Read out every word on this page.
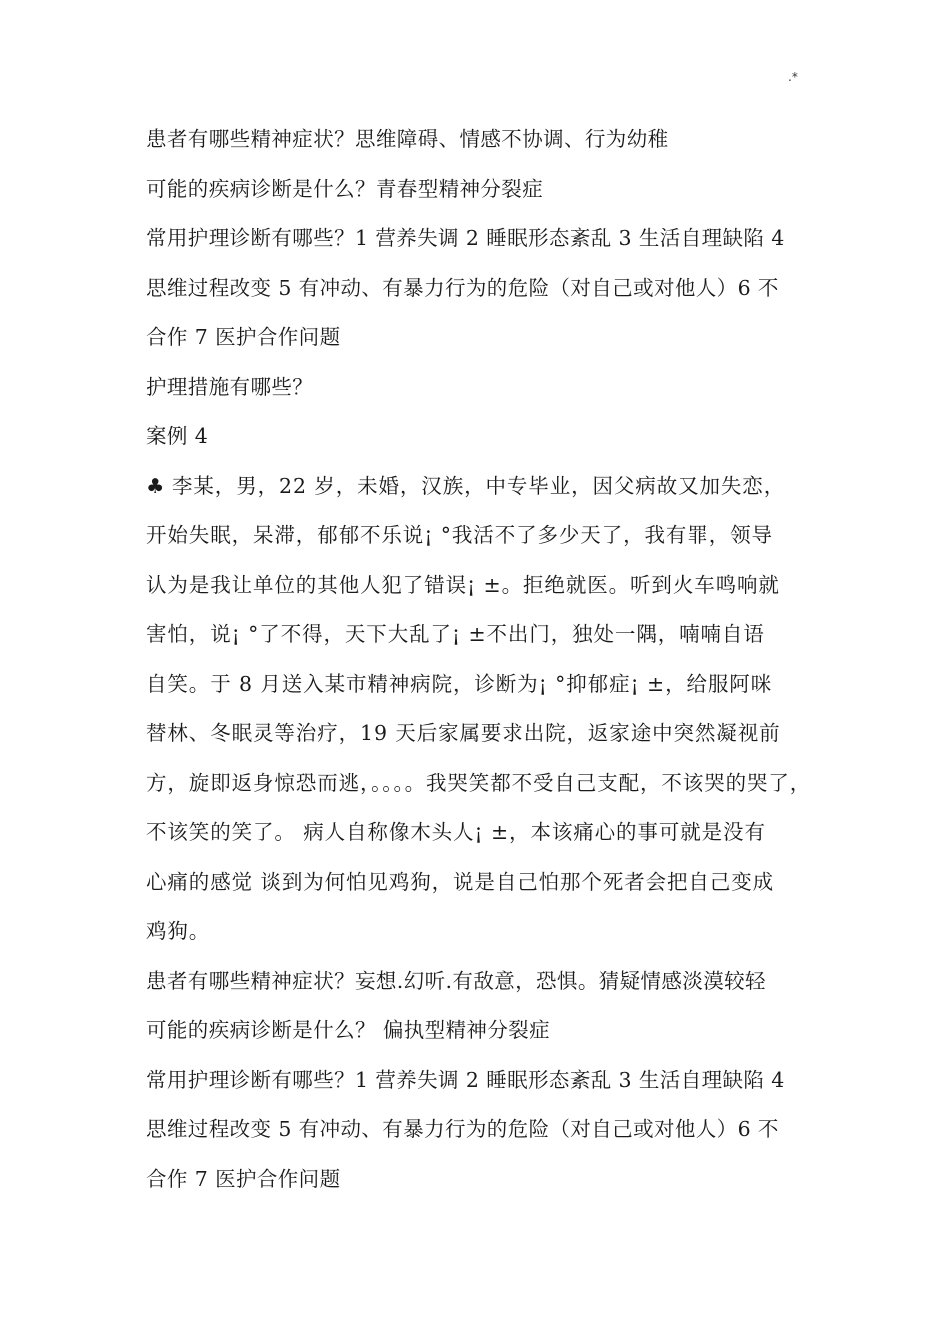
.*
患者有哪些精神症状？思维障碍、情感不协调、行为幼稚
可能的疾病诊断是什么？青春型精神分裂症
常用护理诊断有哪些？1 营养失调 2 睡眠形态紊乱 3 生活自理缺陷 4
思维过程改变 5 有冲动、有暴力行为的危险（对自己或对他人）6 不
合作 7 医护合作问题
护理措施有哪些？
案例 4
♣ 李某，男，22 岁，未婚，汉族，中专毕业，因父病故又加失恋，
开始失眠，呆滞，郁郁不乐说¡ °我活不了多少天了，我有罪，领导
认为是我让单位的其他人犯了错误¡ ±。拒绝就医。听到火车鸣响就
害怕，说¡ °了不得，天下大乱了¡ ±不出门，独处一隅，喃喃自语
自笑。于 8 月送入某市精神病院，诊断为¡ °抑郁症¡ ±，给服阿咪
替林、冬眠灵等治疗，19 天后家属要求出院，返家途中突然凝视前
方，旋即返身惊恐而逃，。。。。我哭笑都不受自己支配，不该哭的哭了，
不该笑的笑了。 病人自称像木头人¡ ±，本该痛心的事可就是没有
心痛的感觉 谈到为何怕见鸡狗，说是自己怕那个死者会把自己变成
鸡狗。
患者有哪些精神症状？妄想.幻听.有敌意，恐惧。猜疑情感淡漠较轻
可能的疾病诊断是什么？ 偏执型精神分裂症
常用护理诊断有哪些？1 营养失调 2 睡眠形态紊乱 3 生活自理缺陷 4
思维过程改变 5 有冲动、有暴力行为的危险（对自己或对他人）6 不
合作 7 医护合作问题
